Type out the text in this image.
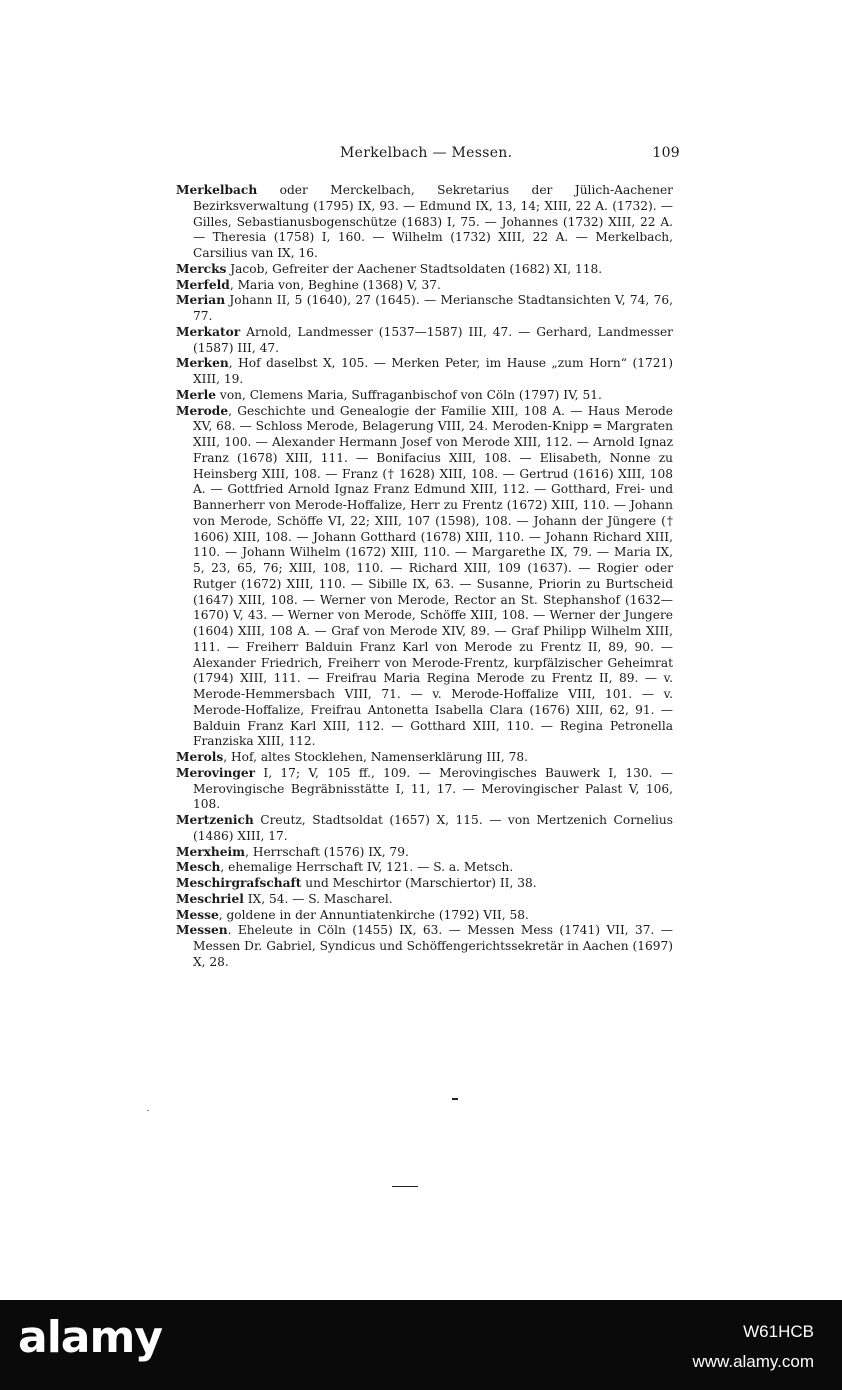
Merkelbach — Messen.	109

Merkelbach oder Merckelbach, Sekretarius der Jülich-Aachener Bezirksverwaltung (1795) IX, 93. — Edmund IX, 13, 14; XIII, 22 A. (1732). — Gilles, Sebastianusbogenschütze (1683) I, 75. — Johannes (1732) XIII, 22 A. — Theresia (1758) I, 160. — Wilhelm (1732) XIII, 22 A. — Merkelbach, Carsilius van IX, 16.

Mercks Jacob, Gefreiter der Aachener Stadtsoldaten (1682) XI, 118.

Merfeld, Maria von, Beghine (1368) V, 37.

Merian Johann II, 5 (1640), 27 (1645). — Meriansche Stadtansichten V, 74, 76, 77.

Merkator Arnold, Landmesser (1537—1587) III, 47. — Gerhard, Landmesser (1587) III, 47.

Merken, Hof daselbst X, 105. — Merken Peter, im Hause „zum Horn“ (1721) XIII, 19.

Merle von, Clemens Maria, Suffraganbischof von Cöln (1797) IV, 51.

Merode, Geschichte und Genealogie der Familie XIII, 108 A. — Haus Merode XV, 68. — Schloss Merode, Belagerung VIII, 24. Meroden-Knipp = Margraten XIII, 100. — Alexander Hermann Josef von Merode XIII, 112. — Arnold Ignaz Franz (1678) XIII, 111. — Bonifacius XIII, 108. — Elisabeth, Nonne zu Heinsberg XIII, 108. — Franz († 1628) XIII, 108. — Gertrud (1616) XIII, 108 A. — Gottfried Arnold Ignaz Franz Edmund XIII, 112. — Gotthard, Frei- und Bannerherr von Merode-Hoffalize, Herr zu Frentz (1672) XIII, 110. — Johann von Merode, Schöffe VI, 22; XIII, 107 (1598), 108. — Johann der Jüngere († 1606) XIII, 108. — Johann Gotthard (1678) XIII, 110. — Johann Richard XIII, 110. — Johann Wilhelm (1672) XIII, 110. — Margarethe IX, 79. — Maria IX, 5, 23, 65, 76; XIII, 108, 110. — Richard XIII, 109 (1637). — Rogier oder Rutger (1672) XIII, 110. — Sibille IX, 63. — Susanne, Priorin zu Burtscheid (1647) XIII, 108. — Werner von Merode, Rector an St. Stephanshof (1632—1670) V, 43. — Werner von Merode, Schöffe XIII, 108. — Werner der Jungere (1604) XIII, 108 A. — Graf von Merode XIV, 89. — Graf Philipp Wilhelm XIII, 111. — Freiherr Balduin Franz Karl von Merode zu Frentz II, 89, 90. — Alexander Friedrich, Freiherr von Merode-Frentz, kurpfälzischer Geheimrat (1794) XIII, 111. — Freifrau Maria Regina Merode zu Frentz II, 89. — v. Merode-Hemmersbach VIII, 71. — v. Merode-Hoffalize VIII, 101. — v. Merode-Hoffalize, Freifrau Antonetta Isabella Clara (1676) XIII, 62, 91. — Balduin Franz Karl XIII, 112. — Gotthard XIII, 110. — Regina Petronella Franziska XIII, 112.

Merols, Hof, altes Stocklehen, Namenserklärung III, 78.

Merovinger I, 17; V, 105 ff., 109. — Merovingisches Bauwerk I, 130. — Merovingische Begräbnisstätte I, 11, 17. — Merovingischer Palast V, 106, 108.

Mertzenich Creutz, Stadtsoldat (1657) X, 115. — von Mertzenich Cornelius (1486) XIII, 17.

Merxheim, Herrschaft (1576) IX, 79.

Mesch, ehemalige Herrschaft IV, 121. — S. a. Metsch.

Meschirgrafschaft und Meschirtor (Marschiertor) II, 38.

Meschriel IX, 54. — S. Mascharel.

Messe, goldene in der Annuntiatenkirche (1792) VII, 58.

Messen. Eheleute in Cöln (1455) IX, 63. — Messen Mess (1741) VII, 37. — Messen Dr. Gabriel, Syndicus und Schöffengerichtssekretär in Aachen (1697) X, 28.

alamy	W61HCB
www.alamy.com
